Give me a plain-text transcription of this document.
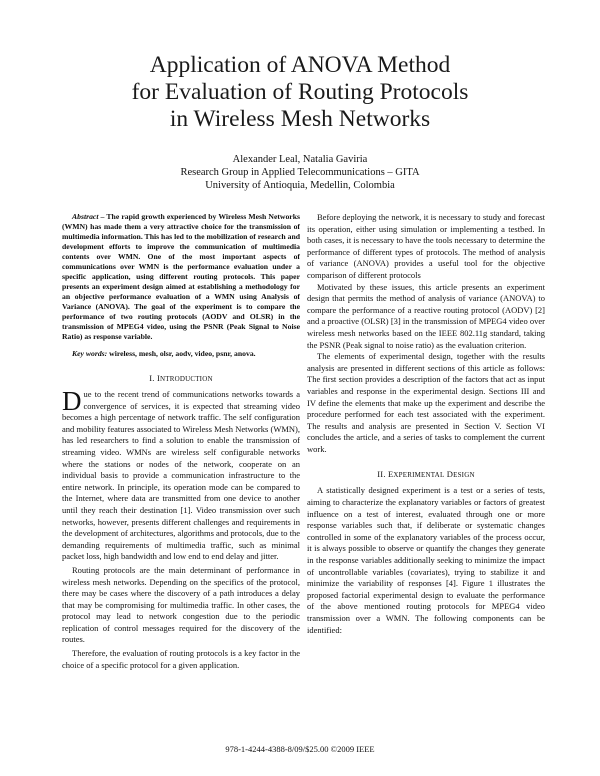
Application of ANOVA Method
for Evaluation of Routing Protocols
in Wireless Mesh Networks
Alexander Leal, Natalia Gaviria
Research Group in Applied Telecommunications – GITA
University of Antioquia, Medellin, Colombia

Abstract – The rapid growth experienced by Wireless Mesh Networks (WMN) has made them a very attractive choice for the transmission of multimedia information. This has led to the mobilization of research and development efforts to improve the communication of multimedia contents over WMN. One of the most important aspects of communications over WMN is the performance evaluation under a specific application, using different routing protocols. This paper presents an experiment design aimed at establishing a methodology for an objective performance evaluation of a WMN using Analysis of Variance (ANOVA). The goal of the experiment is to compare the performance of two routing protocols (AODV and OLSR) in the transmission of MPEG4 video, using the PSNR (Peak Signal to Noise Ratio) as response variable.

Key words: wireless, mesh, olsr, aodv, video, psnr, anova.

I. INTRODUCTION

Due to the recent trend of communications networks towards a convergence of services, it is expected that streaming video becomes a high percentage of network traffic. The self configuration and mobility features associated to Wireless Mesh Networks (WMN), has led researchers to find a solution to enable the transmission of streaming video. WMNs are wireless self configurable networks where the stations or nodes of the network, cooperate on an individual basis to provide a communication infrastructure to the entire network. In principle, its operation mode can be compared to the Internet, where data are transmitted from one device to another until they reach their destination [1]. Video transmission over such networks, however, presents different challenges and requirements in the development of architectures, algorithms and protocols, due to the demanding requirements of multimedia traffic, such as minimal packet loss, high bandwidth and low end to end delay and jitter.

Routing protocols are the main determinant of performance in wireless mesh networks. Depending on the specifics of the protocol, there may be cases where the discovery of a path introduces a delay that may be compromising for multimedia traffic. In other cases, the protocol may lead to network congestion due to the periodic replication of control messages required for the discovery of the routes.

Therefore, the evaluation of routing protocols is a key factor in the choice of a specific protocol for a given application.

Before deploying the network, it is necessary to study and forecast its operation, either using simulation or implementing a testbed. In both cases, it is necessary to have the tools necessary to determine the performance of different types of protocols. The method of analysis of variance (ANOVA) provides a useful tool for the objective comparison of different protocols

Motivated by these issues, this article presents an experiment design that permits the method of analysis of variance (ANOVA) to compare the performance of a reactive routing protocol (AODV) [2] and a proactive (OLSR) [3] in the transmission of MPEG4 video over wireless mesh networks based on the IEEE 802.11g standard, taking the PSNR (Peak signal to noise ratio) as the evaluation criterion.

The elements of experimental design, together with the results analysis are presented in different sections of this article as follows: The first section provides a description of the factors that act as input variables and response in the experimental design. Sections III and IV define the elements that make up the experiment and describe the procedure performed for each test associated with the experiment. The results and analysis are presented in Section V. Section VI concludes the article, and a series of tasks to complement the current work.

II. EXPERIMENTAL DESIGN

A statistically designed experiment is a test or a series of tests, aiming to characterize the explanatory variables or factors of greatest influence on a test of interest, evaluated through one or more response variables such that, if deliberate or systematic changes controlled in some of the explanatory variables of the process occur, it is always possible to observe or quantify the changes they generate in the response variables additionally seeking to minimize the impact of uncontrollable variables (covariates), trying to stabilize it and minimize the variability of responses [4]. Figure 1 illustrates the proposed factorial experimental design to evaluate the performance of the above mentioned routing protocols for MPEG4 video transmission over a WMN. The following components can be identified:

978-1-4244-4388-8/09/$25.00 ©2009 IEEE
